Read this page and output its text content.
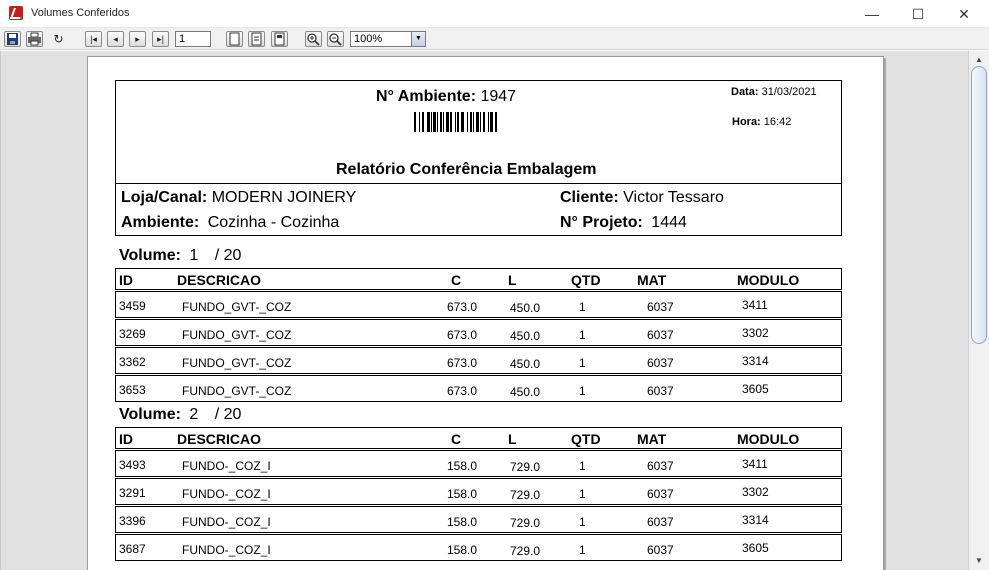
Volumes Conferidos	—	☐	✕
↻	|◂	◂	▸	▸|	1	100%	▼
N° Ambiente: 1947	Data: 31/03/2021
Hora: 16:42
Relatório Conferência Embalagem
Loja/Canal: MODERN JOINERY	Cliente: Victor Tessaro
Ambiente: Cozinha - Cozinha	N° Projeto: 1444
Volume: 1 / 20
ID	DESCRICAO	C	L	QTD	MAT	MODULO
3459	FUNDO_GVT-_COZ	673.0	450.0	1	6037	3411
3269	FUNDO_GVT-_COZ	673.0	450.0	1	6037	3302
3362	FUNDO_GVT-_COZ	673.0	450.0	1	6037	3314
3653	FUNDO_GVT-_COZ	673.0	450.0	1	6037	3605
Volume: 2 / 20
ID	DESCRICAO	C	L	QTD	MAT	MODULO
3493	FUNDO-_COZ_I	158.0	729.0	1	6037	3411
3291	FUNDO-_COZ_I	158.0	729.0	1	6037	3302
3396	FUNDO-_COZ_I	158.0	729.0	1	6037	3314
3687	FUNDO-_COZ_I	158.0	729.0	1	6037	3605
▲
▼
